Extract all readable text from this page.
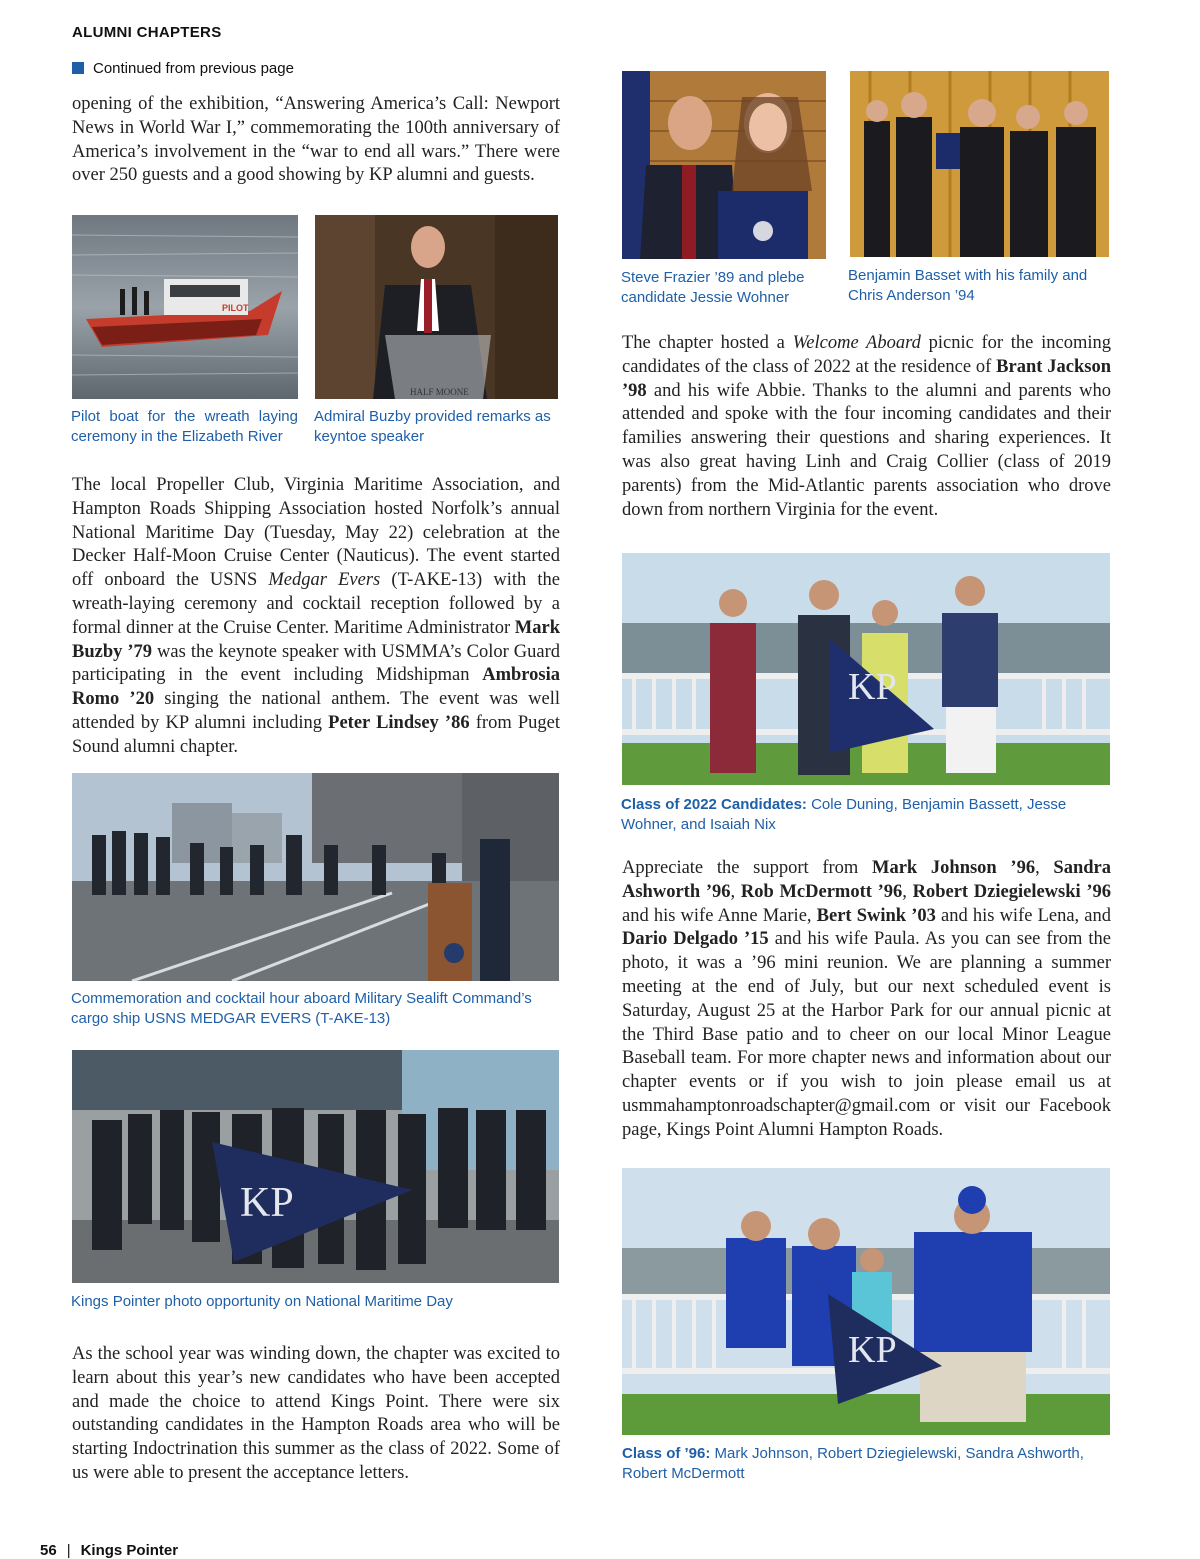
ALUMNI CHAPTERS
Continued from previous page
opening of the exhibition, “Answering America’s Call: Newport News in World War I,” commemorating the 100th anniversary of America’s involvement in the “war to end all wars.” There were over 250 guests and a good showing by KP alumni and guests.
PILOT
Pilot boat for the wreath laying ceremony in the Elizabeth River
HALF MOONE
Admiral Buzby provided remarks as keyntoe speaker
The local Propeller Club, Virginia Maritime Association, and Hampton Roads Shipping Association hosted Norfolk’s annual National Maritime Day (Tuesday, May 22) celebration at the Decker Half-Moon Cruise Center (Nauticus). The event started off onboard the USNS Medgar Evers (T-AKE-13) with the wreath-laying ceremony and cocktail reception followed by a formal dinner at the Cruise Center. Maritime Administrator Mark Buzby ’79 was the keynote speaker with USMMA’s Color Guard participating in the event including Midshipman Ambrosia Romo ’20 singing the national anthem. The event was well attended by KP alumni including Peter Lindsey ’86 from Puget Sound alumni chapter.
Commemoration and cocktail hour aboard Military Sealift Command’s cargo ship USNS MEDGAR EVERS (T-AKE-13)
KP
Kings Pointer photo opportunity on National Maritime Day
As the school year was winding down, the chapter was excited to learn about this year’s new candidates who have been accepted and made the choice to attend Kings Point. There were six outstanding candidates in the Hampton Roads area who will be starting Indoctrination this summer as the class of 2022. Some of us were able to present the acceptance letters.
Steve Frazier ’89 and plebe candidate Jessie Wohner
Benjamin Basset with his family and Chris Anderson ’94
The chapter hosted a Welcome Aboard picnic for the incoming candidates of the class of 2022 at the residence of Brant Jackson ’98 and his wife Abbie. Thanks to the alumni and parents who attended and spoke with the four incoming candidates and their families answering their questions and sharing experiences. It was also great having Linh and Craig Collier (class of 2019 parents) from the Mid-Atlantic parents association who drove down from northern Virginia for the event.
KP
Class of 2022 Candidates: Cole Duning, Benjamin Bassett, Jesse Wohner, and Isaiah Nix
Appreciate the support from Mark Johnson ’96, Sandra Ashworth ’96, Rob McDermott ’96, Robert Dziegielewski ’96 and his wife Anne Marie, Bert Swink ’03 and his wife Lena, and Dario Delgado ’15 and his wife Paula. As you can see from the photo, it was a ’96 mini reunion. We are planning a summer meeting at the end of July, but our next scheduled event is Saturday, August 25 at the Harbor Park for our annual picnic at the Third Base patio and to cheer on our local Minor League Baseball team. For more chapter news and information about our chapter events or if you wish to join please email us at usmmahamptonroadschapter@gmail.com or visit our Facebook page, Kings Point Alumni Hampton Roads.
KP
Class of ’96: Mark Johnson, Robert Dziegielewski, Sandra Ashworth, Robert McDermott
56 | Kings Pointer
